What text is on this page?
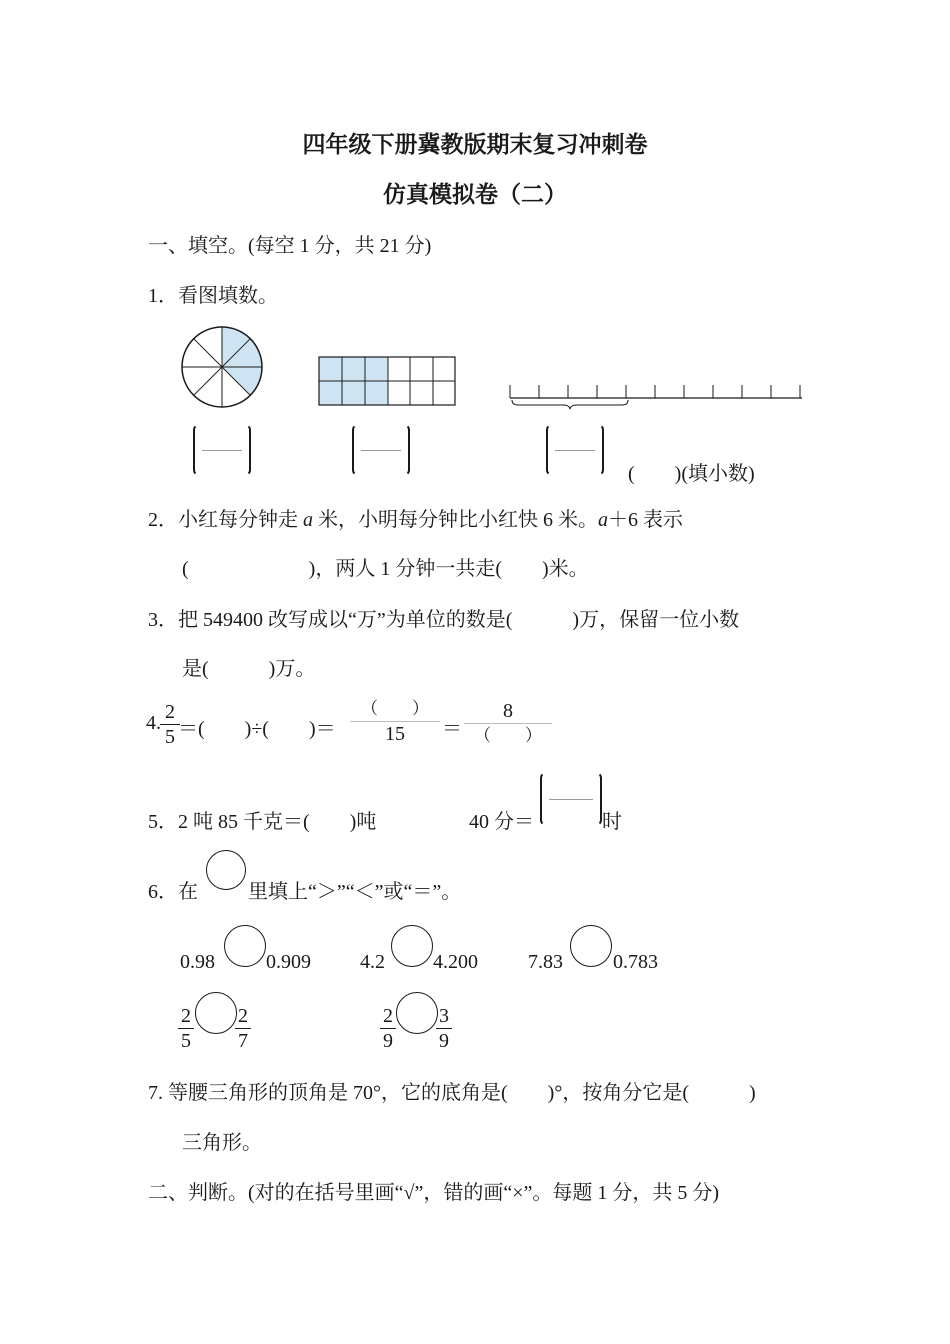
四年级下册冀教版期末复习冲刺卷
仿真模拟卷（二）
一、填空。(每空 1 分，共 21 分)
1．看图填数。
(　　)(填小数)
2．小红每分钟走 a 米，小明每分钟比小红快 6 米。a＋6 表示
(　　　　　　)，两人 1 分钟一共走(　　)米。
3．把 549400 改写成以“万”为单位的数是(　　　)万，保留一位小数
是(　　　)万。
4. 2
5 ＝(　　)÷(　　)＝
（　　）
15	＝
8
（　　）
5．2 吨 85 千克＝(　　)吨	40 分＝	时
6．在	里填上“＞”“＜”或“＝”。
0.98	0.909 4.2 4.200	7.83	0.783
2
5
2
7
2
9
3
9
7. 等腰三角形的顶角是 70°，它的底角是(　　)°，按角分它是(　　　)
三角形。
二、判断。(对的在括号里画“√”，错的画“×”。每题 1 分，共 5 分)
